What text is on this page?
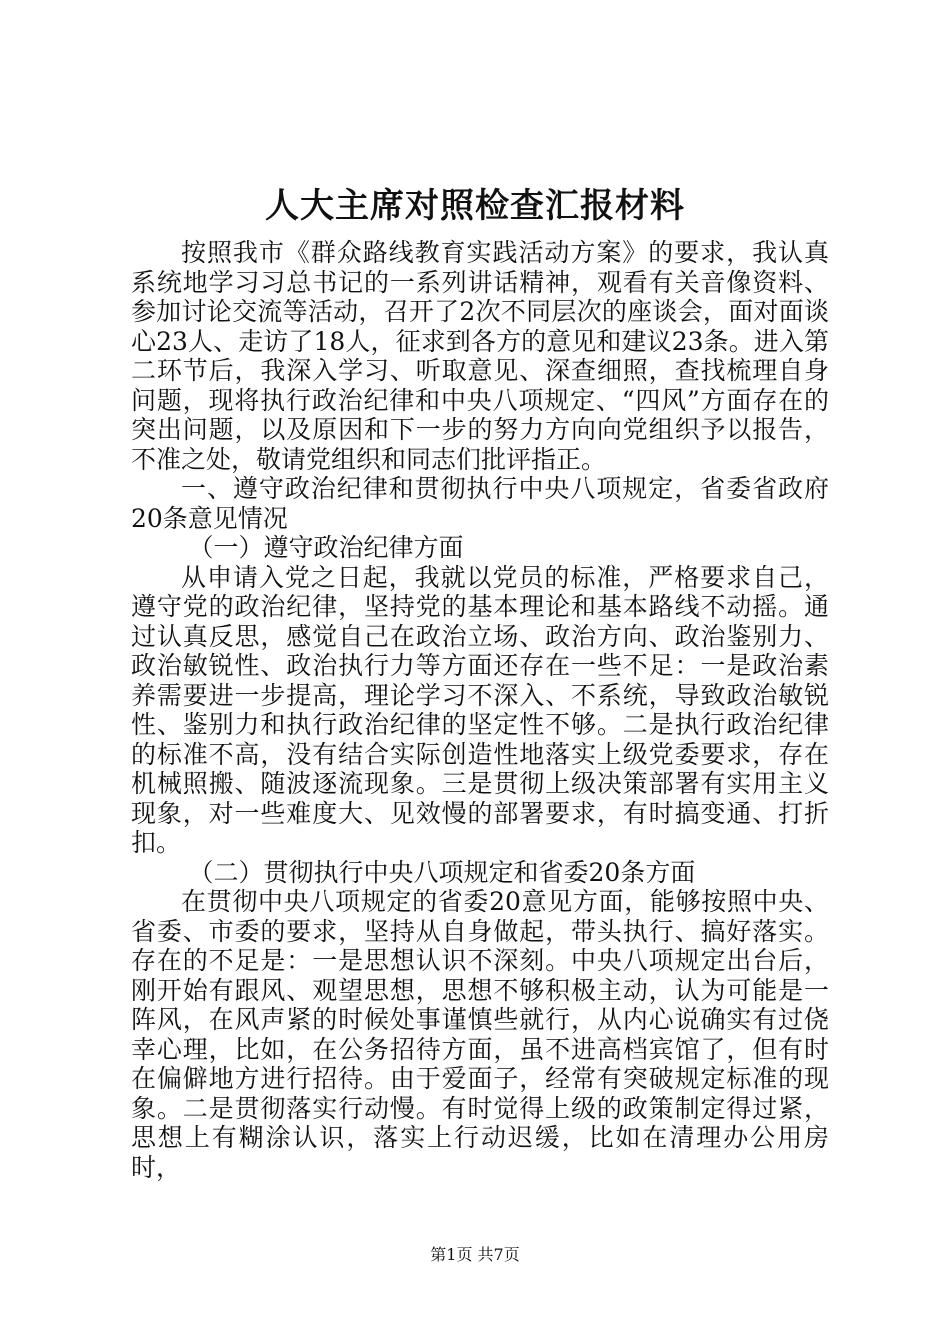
人大主席对照检查汇报材料

按照我市《群众路线教育实践活动方案》的要求，我认真系统地学习习总书记的一系列讲话精神，观看有关音像资料、参加讨论交流等活动，召开了2次不同层次的座谈会，面对面谈心23人、走访了18人，征求到各方的意见和建议23条。进入第二环节后，我深入学习、听取意见、深查细照，查找梳理自身问题，现将执行政治纪律和中央八项规定、“四风”方面存在的突出问题，以及原因和下一步的努力方向向党组织予以报告，不准之处，敬请党组织和同志们批评指正。

一、遵守政治纪律和贯彻执行中央八项规定，省委省政府20条意见情况

（一）遵守政治纪律方面

从申请入党之日起，我就以党员的标准，严格要求自己，遵守党的政治纪律，坚持党的基本理论和基本路线不动摇。通过认真反思，感觉自己在政治立场、政治方向、政治鉴别力、政治敏锐性、政治执行力等方面还存在一些不足：一是政治素养需要进一步提高，理论学习不深入、不系统，导致政治敏锐性、鉴别力和执行政治纪律的坚定性不够。二是执行政治纪律的标准不高，没有结合实际创造性地落实上级党委要求，存在机械照搬、随波逐流现象。三是贯彻上级决策部署有实用主义现象，对一些难度大、见效慢的部署要求，有时搞变通、打折扣。

（二）贯彻执行中央八项规定和省委20条方面

在贯彻中央八项规定的省委20意见方面，能够按照中央、省委、市委的要求，坚持从自身做起，带头执行、搞好落实。存在的不足是：一是思想认识不深刻。中央八项规定出台后，刚开始有跟风、观望思想，思想不够积极主动，认为可能是一阵风，在风声紧的时候处事谨慎些就行，从内心说确实有过侥幸心理，比如，在公务招待方面，虽不进高档宾馆了，但有时在偏僻地方进行招待。由于爱面子，经常有突破规定标准的现象。二是贯彻落实行动慢。有时觉得上级的政策制定得过紧，思想上有糊涂认识，落实上行动迟缓，比如在清理办公用房时，

第1页 共7页
